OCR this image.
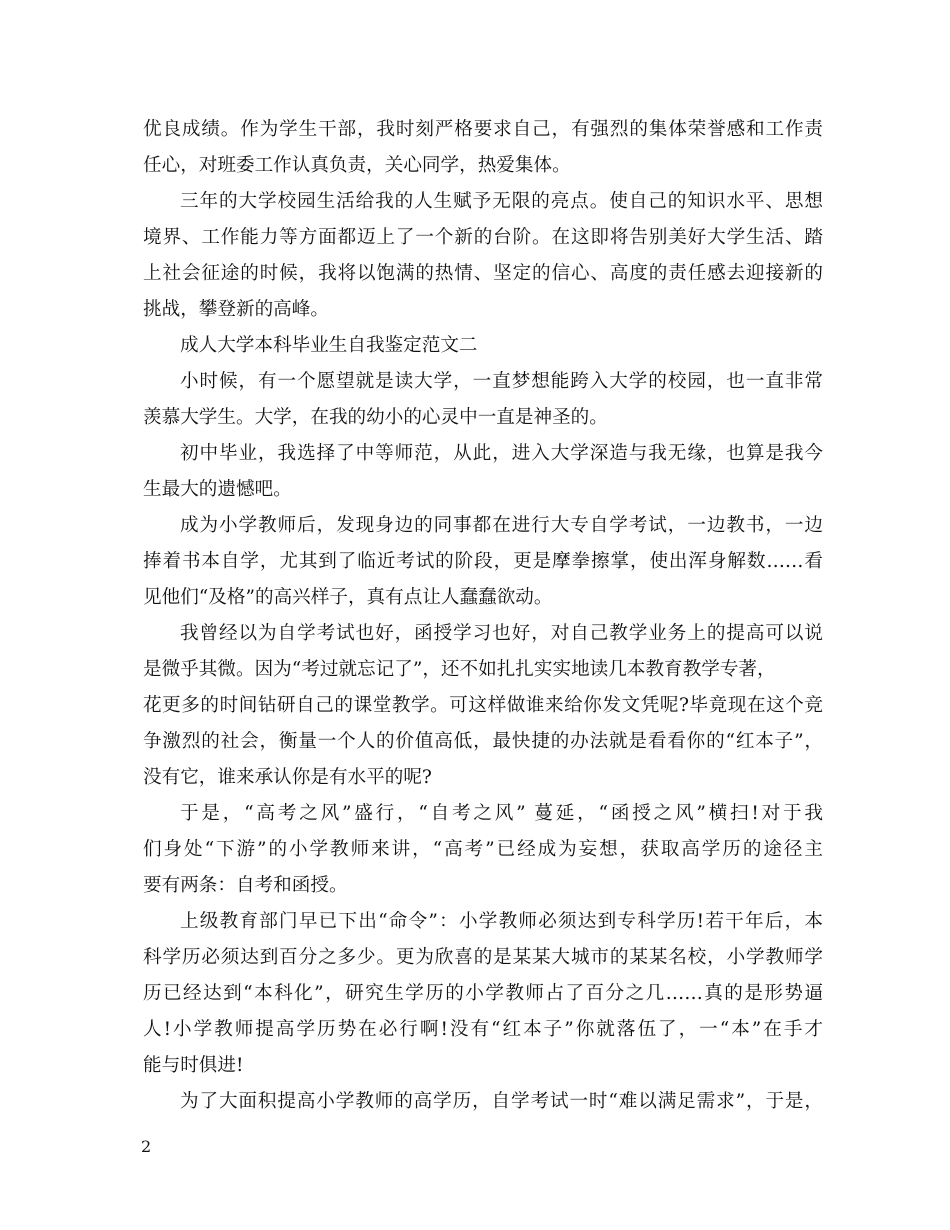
优良成绩。作为学生干部，我时刻严格要求自己，有强烈的集体荣誉感和工作责
任心，对班委工作认真负责，关心同学，热爱集体。
三年的大学校园生活给我的人生赋予无限的亮点。使自己的知识水平、思想
境界、工作能力等方面都迈上了一个新的台阶。在这即将告别美好大学生活、踏
上社会征途的时候，我将以饱满的热情、坚定的信心、高度的责任感去迎接新的
挑战，攀登新的高峰。
成人大学本科毕业生自我鉴定范文二
小时候，有一个愿望就是读大学，一直梦想能跨入大学的校园，也一直非常
羡慕大学生。大学，在我的幼小的心灵中一直是神圣的。
初中毕业，我选择了中等师范，从此，进入大学深造与我无缘，也算是我今
生最大的遗憾吧。
成为小学教师后，发现身边的同事都在进行大专自学考试，一边教书，一边
捧着书本自学，尤其到了临近考试的阶段，更是摩拳擦掌，使出浑身解数……看
见他们“及格”的高兴样子，真有点让人蠢蠢欲动。
我曾经以为自学考试也好，函授学习也好，对自己教学业务上的提高可以说
是微乎其微。因为“考过就忘记了”，还不如扎扎实实地读几本教育教学专著，
花更多的时间钻研自己的课堂教学。可这样做谁来给你发文凭呢?毕竟现在这个竞
争激烈的社会，衡量一个人的价值高低，最快捷的办法就是看看你的“红本子”，
没有它，谁来承认你是有水平的呢?
于是，“高考之风”盛行，“自考之风” 蔓延，“函授之风”横扫!对于我
们身处“下游”的小学教师来讲，“高考”已经成为妄想，获取高学历的途径主
要有两条：自考和函授。
上级教育部门早已下出“命令”：小学教师必须达到专科学历!若干年后，本
科学历必须达到百分之多少。更为欣喜的是某某大城市的某某名校，小学教师学
历已经达到“本科化”，研究生学历的小学教师占了百分之几……真的是形势逼
人!小学教师提高学历势在必行啊!没有“红本子”你就落伍了，一“本”在手才
能与时俱进!
为了大面积提高小学教师的高学历，自学考试一时“难以满足需求”，于是，
2
